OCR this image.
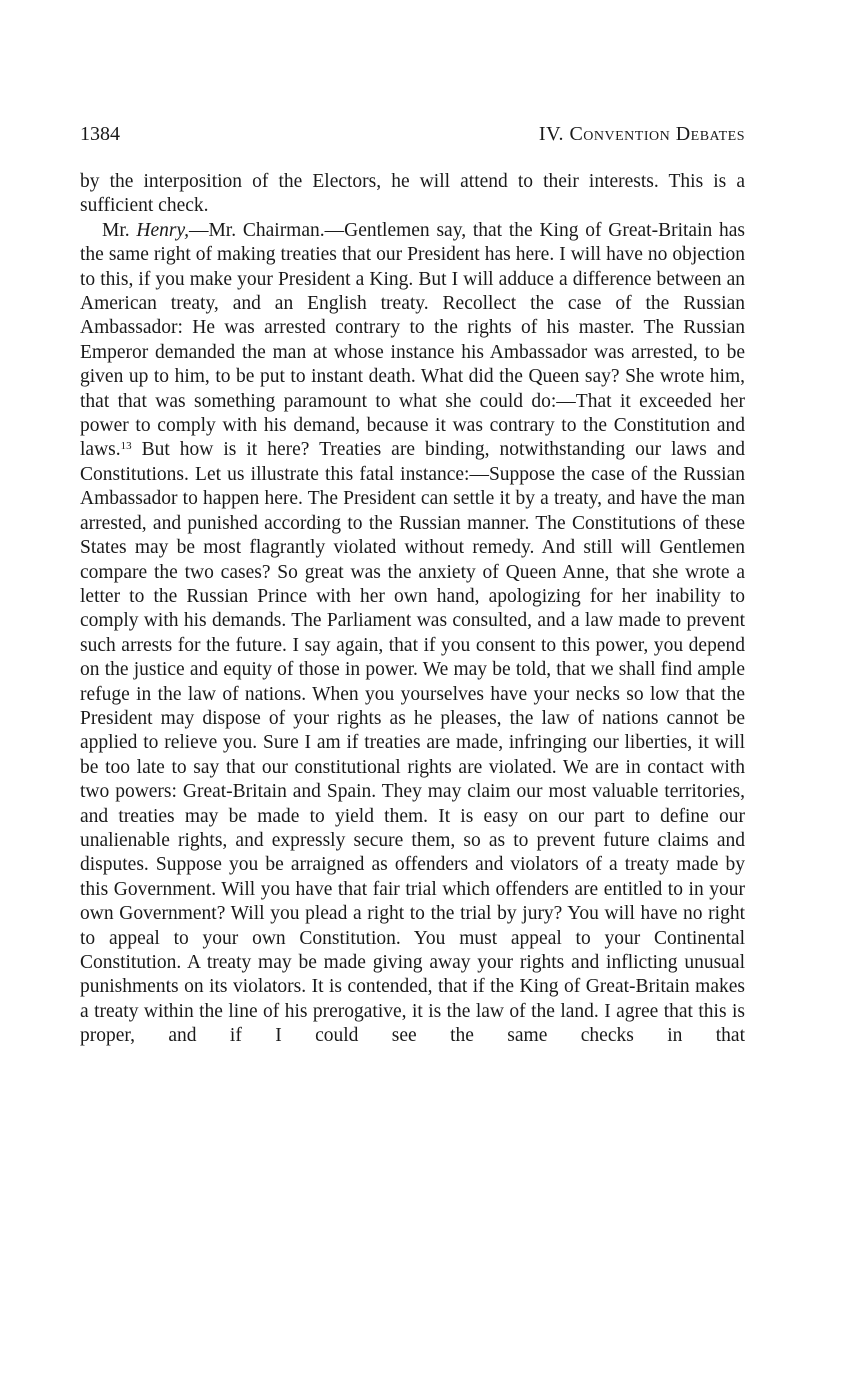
1384	IV. Convention Debates

by the interposition of the Electors, he will attend to their interests. This is a sufficient check.

Mr. Henry,—Mr. Chairman.—Gentlemen say, that the King of Great-Britain has the same right of making treaties that our President has here. I will have no objection to this, if you make your President a King. But I will adduce a difference between an American treaty, and an English treaty. Recollect the case of the Russian Ambassador: He was arrested contrary to the rights of his master. The Russian Emperor demanded the man at whose instance his Ambassador was arrested, to be given up to him, to be put to instant death. What did the Queen say? She wrote him, that that was something paramount to what she could do:—That it exceeded her power to comply with his demand, because it was contrary to the Constitution and laws.$^{13}$ But how is it here? Treaties are binding, notwithstanding our laws and Constitutions. Let us illustrate this fatal instance:—Suppose the case of the Russian Ambassador to happen here. The President can settle it by a treaty, and have the man arrested, and punished according to the Russian manner. The Constitutions of these States may be most flagrantly violated without remedy. And still will Gentlemen compare the two cases? So great was the anxiety of Queen Anne, that she wrote a letter to the Russian Prince with her own hand, apologizing for her inability to comply with his demands. The Parliament was consulted, and a law made to prevent such arrests for the future. I say again, that if you consent to this power, you depend on the justice and equity of those in power. We may be told, that we shall find ample refuge in the law of nations. When you yourselves have your necks so low that the President may dispose of your rights as he pleases, the law of nations cannot be applied to relieve you. Sure I am if treaties are made, infringing our liberties, it will be too late to say that our constitutional rights are violated. We are in contact with two powers: Great-Britain and Spain. They may claim our most valuable territories, and treaties may be made to yield them. It is easy on our part to define our unalienable rights, and expressly secure them, so as to prevent future claims and disputes. Suppose you be arraigned as offenders and violators of a treaty made by this Government. Will you have that fair trial which offenders are entitled to in your own Government? Will you plead a right to the trial by jury? You will have no right to appeal to your own Constitution. You must appeal to your Continental Constitution. A treaty may be made giving away your rights and inflicting unusual punishments on its violators. It is contended, that if the King of Great-Britain makes a treaty within the line of his prerogative, it is the law of the land. I agree that this is proper, and if I could see the same checks in that
